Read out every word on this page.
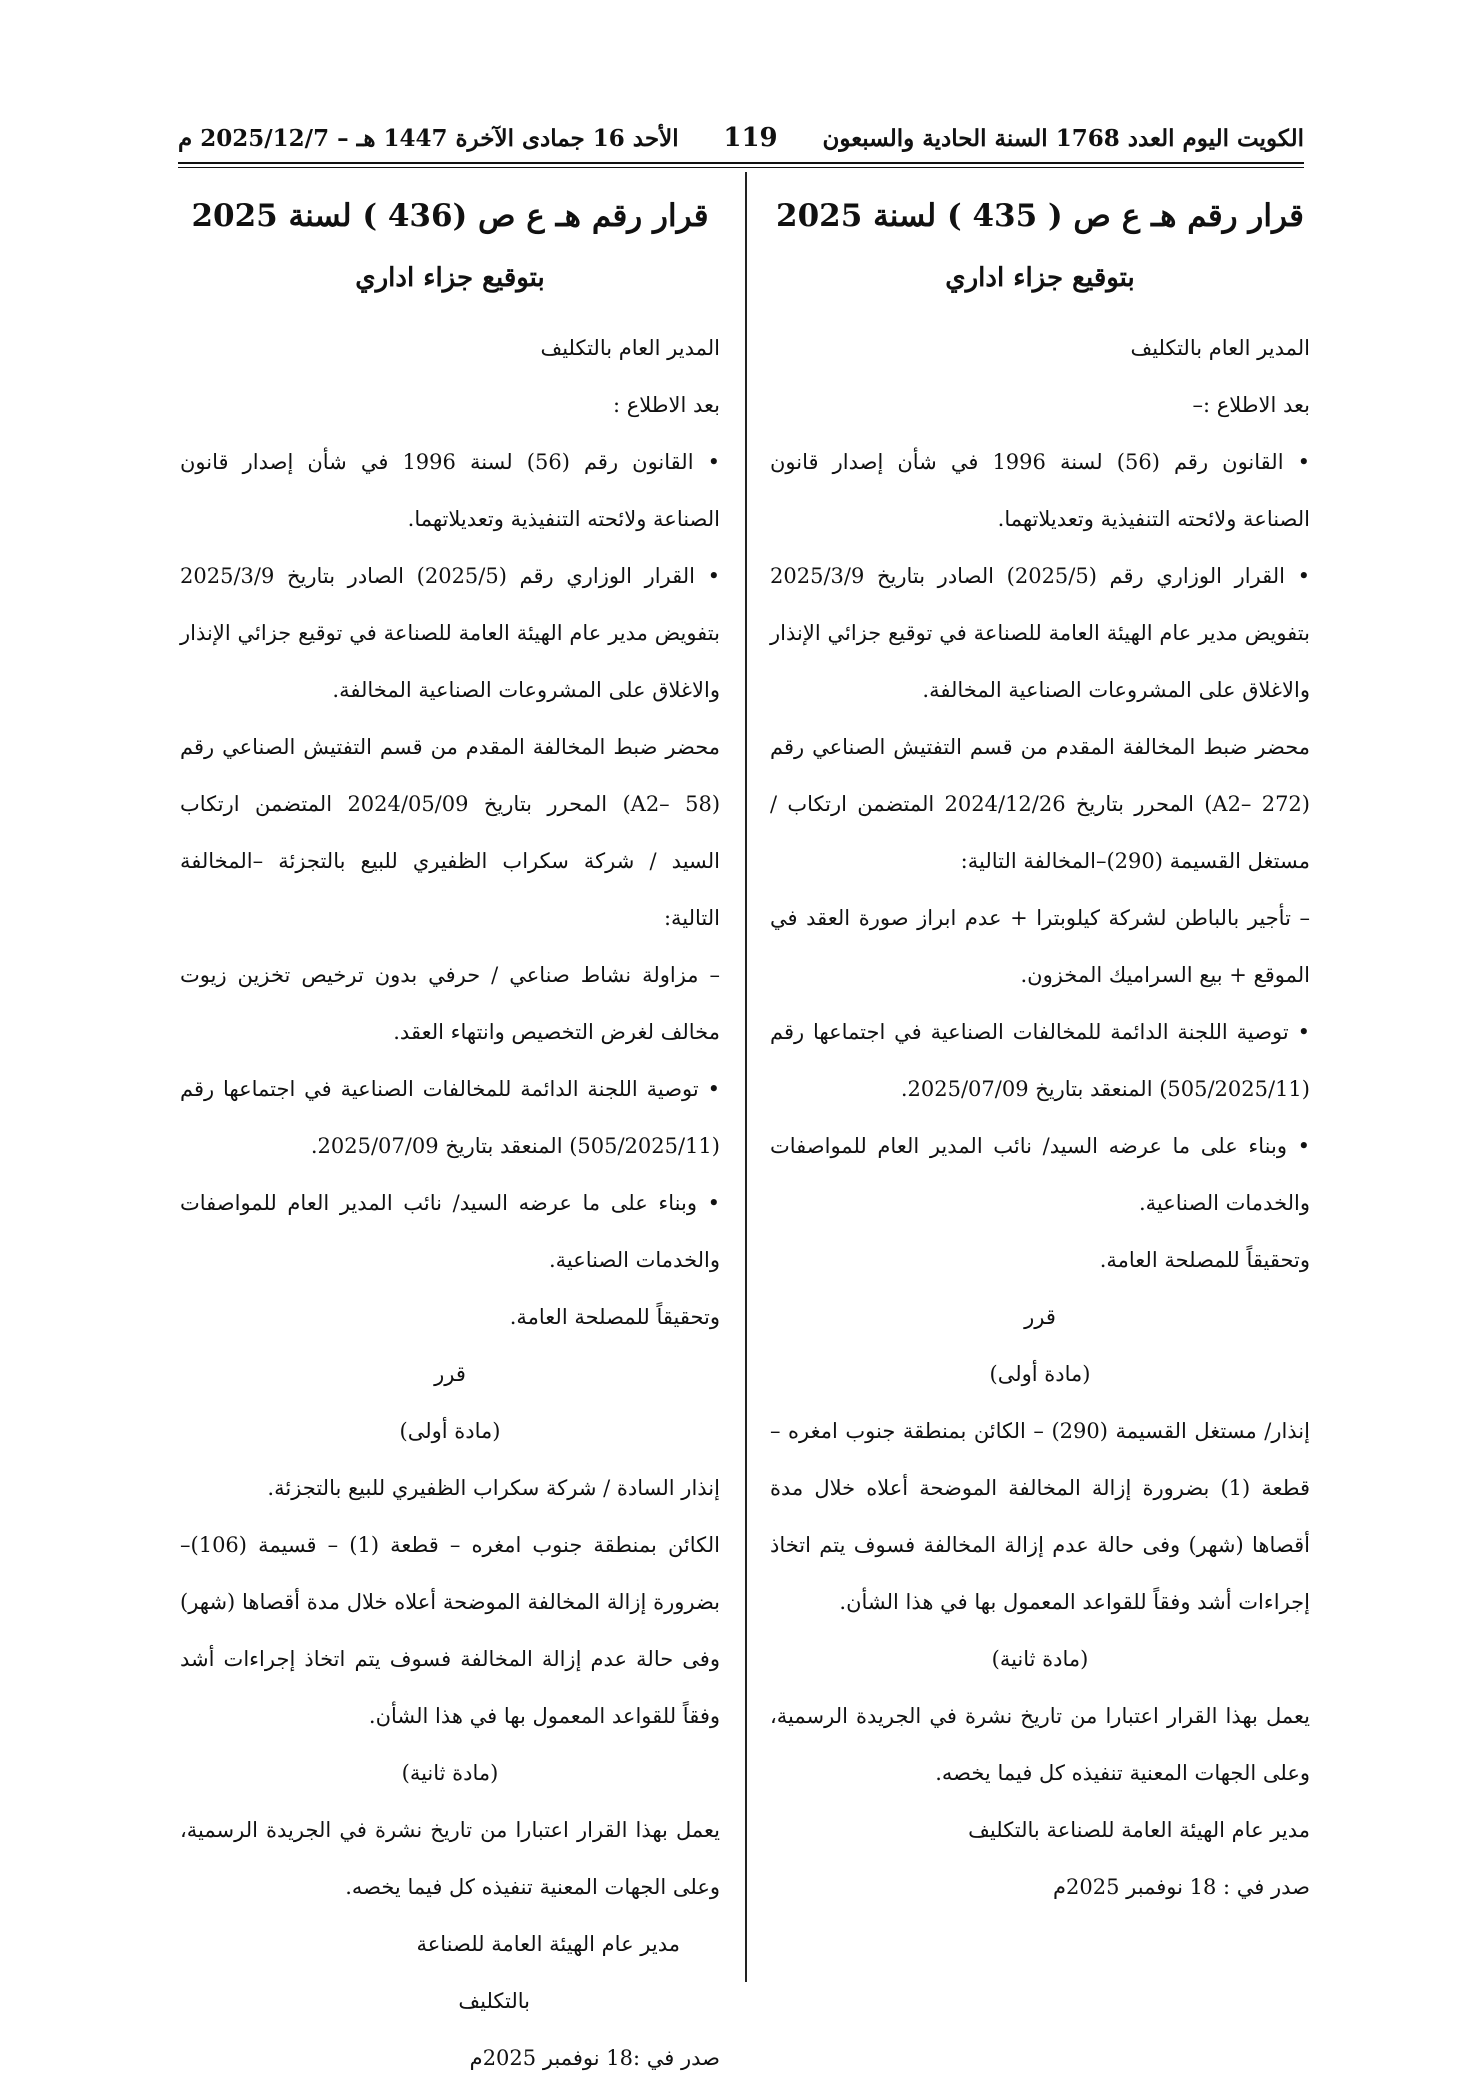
الكويت اليوم العدد 1768 السنة الحادية والسبعون
119
الأحد 16 جمادى الآخرة 1447 هـ – 2025/12/7 م
قرار رقم هـ ع ص ( 435 ) لسنة 2025
بتوقيع جزاء اداري

المدير العام بالتكليف

بعد الاطلاع :–

• القانون رقم (56) لسنة 1996 في شأن إصدار قانون الصناعة ولائحته التنفيذية وتعديلاتهما.

• القرار الوزاري رقم (2025/5) الصادر بتاريخ 2025/3/9 بتفويض مدير عام الهيئة العامة للصناعة في توقيع جزائي الإنذار والاغلاق على المشروعات الصناعية المخالفة.

محضر ضبط المخالفة المقدم من قسم التفتيش الصناعي رقم (A2– 272) المحرر بتاريخ 2024/12/26 المتضمن ارتكاب / مستغل القسيمة (290)–المخالفة التالية:

– تأجير بالباطن لشركة كيلوبترا + عدم ابراز صورة العقد في الموقع + بيع السراميك المخزون.

• توصية اللجنة الدائمة للمخالفات الصناعية في اجتماعها رقم (505/2025/11) المنعقد بتاريخ 2025/07/09.

• وبناء على ما عرضه السيد/ نائب المدير العام للمواصفات والخدمات الصناعية.

وتحقيقاً للمصلحة العامة.

قرر

(مادة أولى)

إنذار/ مستغل القسيمة (290) – الكائن بمنطقة جنوب امغره – قطعة (1) بضرورة إزالة المخالفة الموضحة أعلاه خلال مدة أقصاها (شهر) وفى حالة عدم إزالة المخالفة فسوف يتم اتخاذ إجراءات أشد وفقاً للقواعد المعمول بها في هذا الشأن.

(مادة ثانية)

يعمل بهذا القرار اعتبارا من تاريخ نشرة في الجريدة الرسمية، وعلى الجهات المعنية تنفيذه كل فيما يخصه.

مدير عام الهيئة العامة للصناعة بالتكليف

صدر في : 18 نوفمبر 2025م

قرار رقم هـ ع ص (436 ) لسنة 2025
بتوقيع جزاء اداري

المدير العام بالتكليف

بعد الاطلاع :

• القانون رقم (56) لسنة 1996 في شأن إصدار قانون الصناعة ولائحته التنفيذية وتعديلاتهما.

• القرار الوزاري رقم (2025/5) الصادر بتاريخ 2025/3/9 بتفويض مدير عام الهيئة العامة للصناعة في توقيع جزائي الإنذار والاغلاق على المشروعات الصناعية المخالفة.

محضر ضبط المخالفة المقدم من قسم التفتيش الصناعي رقم (A2– 58) المحرر بتاريخ 2024/05/09 المتضمن ارتكاب السيد / شركة سكراب الظفيري للبيع بالتجزئة –المخالفة التالية:

– مزاولة نشاط صناعي / حرفي بدون ترخيص تخزين زيوت مخالف لغرض التخصيص وانتهاء العقد.

• توصية اللجنة الدائمة للمخالفات الصناعية في اجتماعها رقم (505/2025/11) المنعقد بتاريخ 2025/07/09.

• وبناء على ما عرضه السيد/ نائب المدير العام للمواصفات والخدمات الصناعية.

وتحقيقاً للمصلحة العامة.

قرر

(مادة أولى)

إنذار السادة / شركة سكراب الظفيري للبيع بالتجزئة.

الكائن بمنطقة جنوب امغره – قطعة (1) – قسيمة (106)– بضرورة إزالة المخالفة الموضحة أعلاه خلال مدة أقصاها (شهر) وفى حالة عدم إزالة المخالفة فسوف يتم اتخاذ إجراءات أشد وفقاً للقواعد المعمول بها في هذا الشأن.

(مادة ثانية)

يعمل بهذا القرار اعتبارا من تاريخ نشرة في الجريدة الرسمية، وعلى الجهات المعنية تنفيذه كل فيما يخصه.

مدير عام الهيئة العامة للصناعة

بالتكليف

صدر في :18 نوفمبر 2025م
